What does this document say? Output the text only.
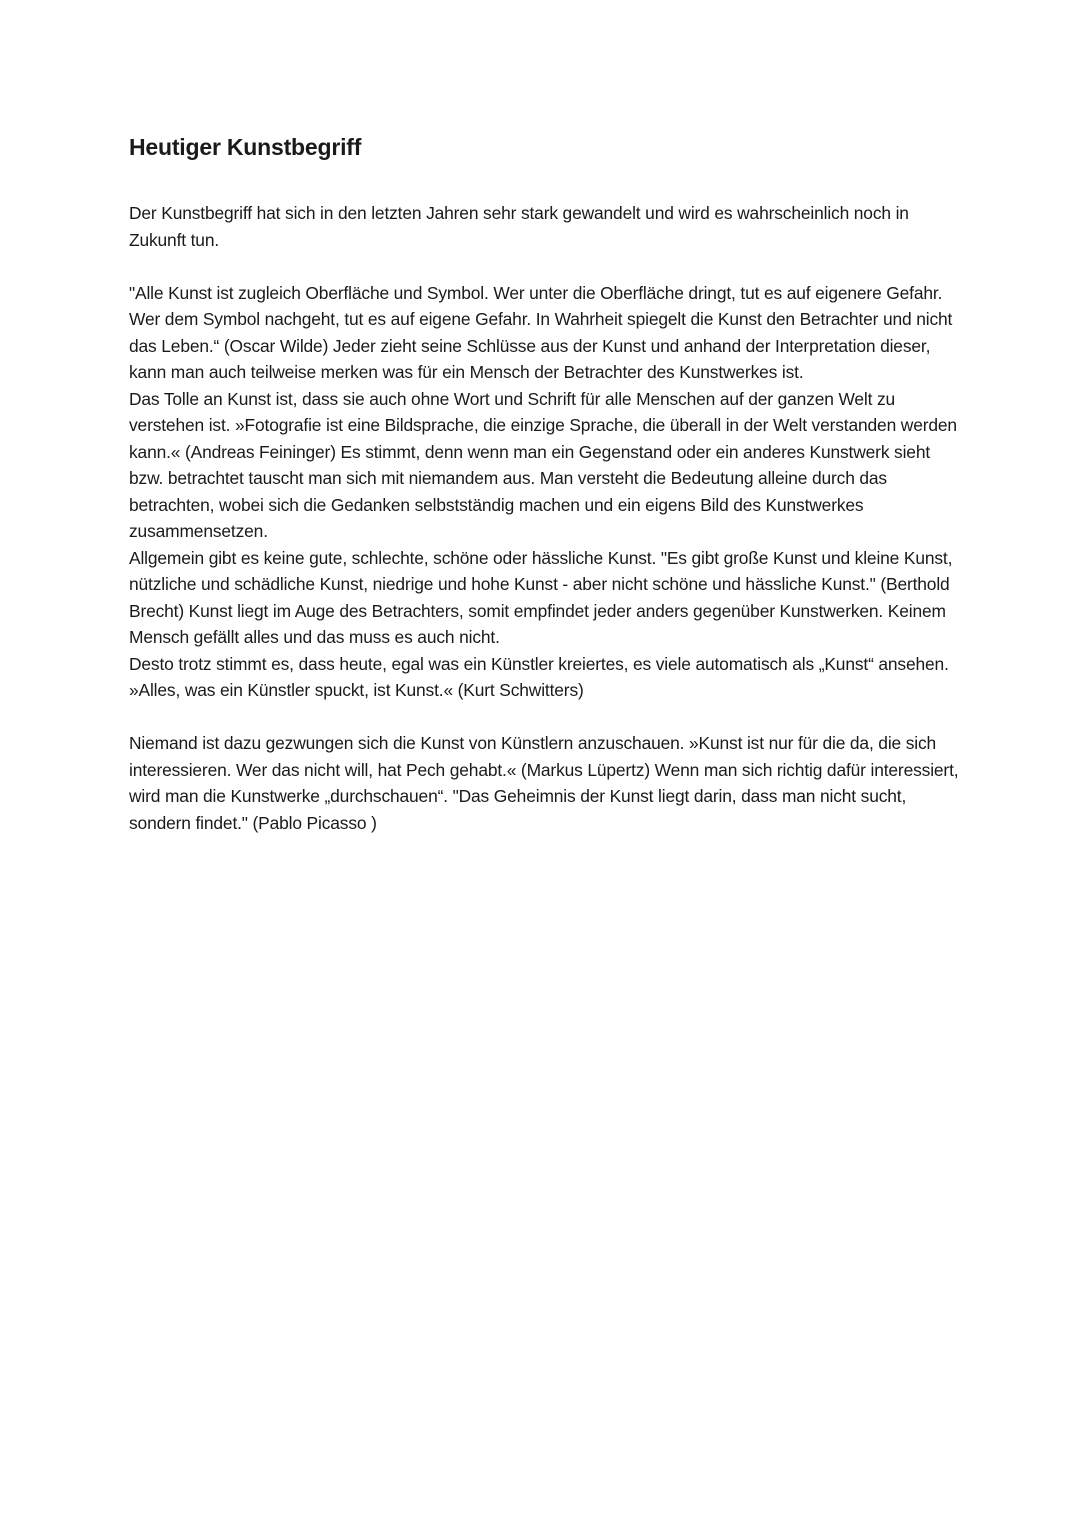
Heutiger Kunstbegriff

Der Kunstbegriff hat sich in den letzten Jahren sehr stark gewandelt und wird es wahrscheinlich noch in Zukunft tun.

"Alle Kunst ist zugleich Oberfläche und Symbol. Wer unter die Oberfläche dringt, tut es auf eigenere Gefahr. Wer dem Symbol nachgeht, tut es auf eigene Gefahr. In Wahrheit spiegelt die Kunst den Betrachter und nicht das Leben.“ (Oscar Wilde) Jeder zieht seine Schlüsse aus der Kunst und anhand der Interpretation dieser, kann man auch teilweise merken was für ein Mensch der Betrachter des Kunstwerkes ist.

Das Tolle an Kunst ist, dass sie auch ohne Wort und Schrift für alle Menschen auf der ganzen Welt zu verstehen ist. »Fotografie ist eine Bildsprache, die einzige Sprache, die überall in der Welt verstanden werden kann.« (Andreas Feininger) Es stimmt, denn wenn man ein Gegenstand oder ein anderes Kunstwerk sieht bzw. betrachtet tauscht man sich mit niemandem aus. Man versteht die Bedeutung alleine durch das betrachten, wobei sich die Gedanken selbstständig machen und ein eigens Bild des Kunstwerkes zusammensetzen.

Allgemein gibt es keine gute, schlechte, schöne oder hässliche Kunst. "Es gibt große Kunst und kleine Kunst, nützliche und schädliche Kunst, niedrige und hohe Kunst - aber nicht schöne und hässliche Kunst." (Berthold Brecht) Kunst liegt im Auge des Betrachters, somit empfindet jeder anders gegenüber Kunstwerken. Keinem Mensch gefällt alles und das muss es auch nicht.

Desto trotz stimmt es, dass heute, egal was ein Künstler kreiertes, es viele automatisch als „Kunst“ ansehen. »Alles, was ein Künstler spuckt, ist Kunst.« (Kurt Schwitters)

Niemand ist dazu gezwungen sich die Kunst von Künstlern anzuschauen. »Kunst ist nur für die da, die sich interessieren. Wer das nicht will, hat Pech gehabt.« (Markus Lüpertz) Wenn man sich richtig dafür interessiert, wird man die Kunstwerke „durchschauen“. "Das Geheimnis der Kunst liegt darin, dass man nicht sucht, sondern findet." (Pablo Picasso )
